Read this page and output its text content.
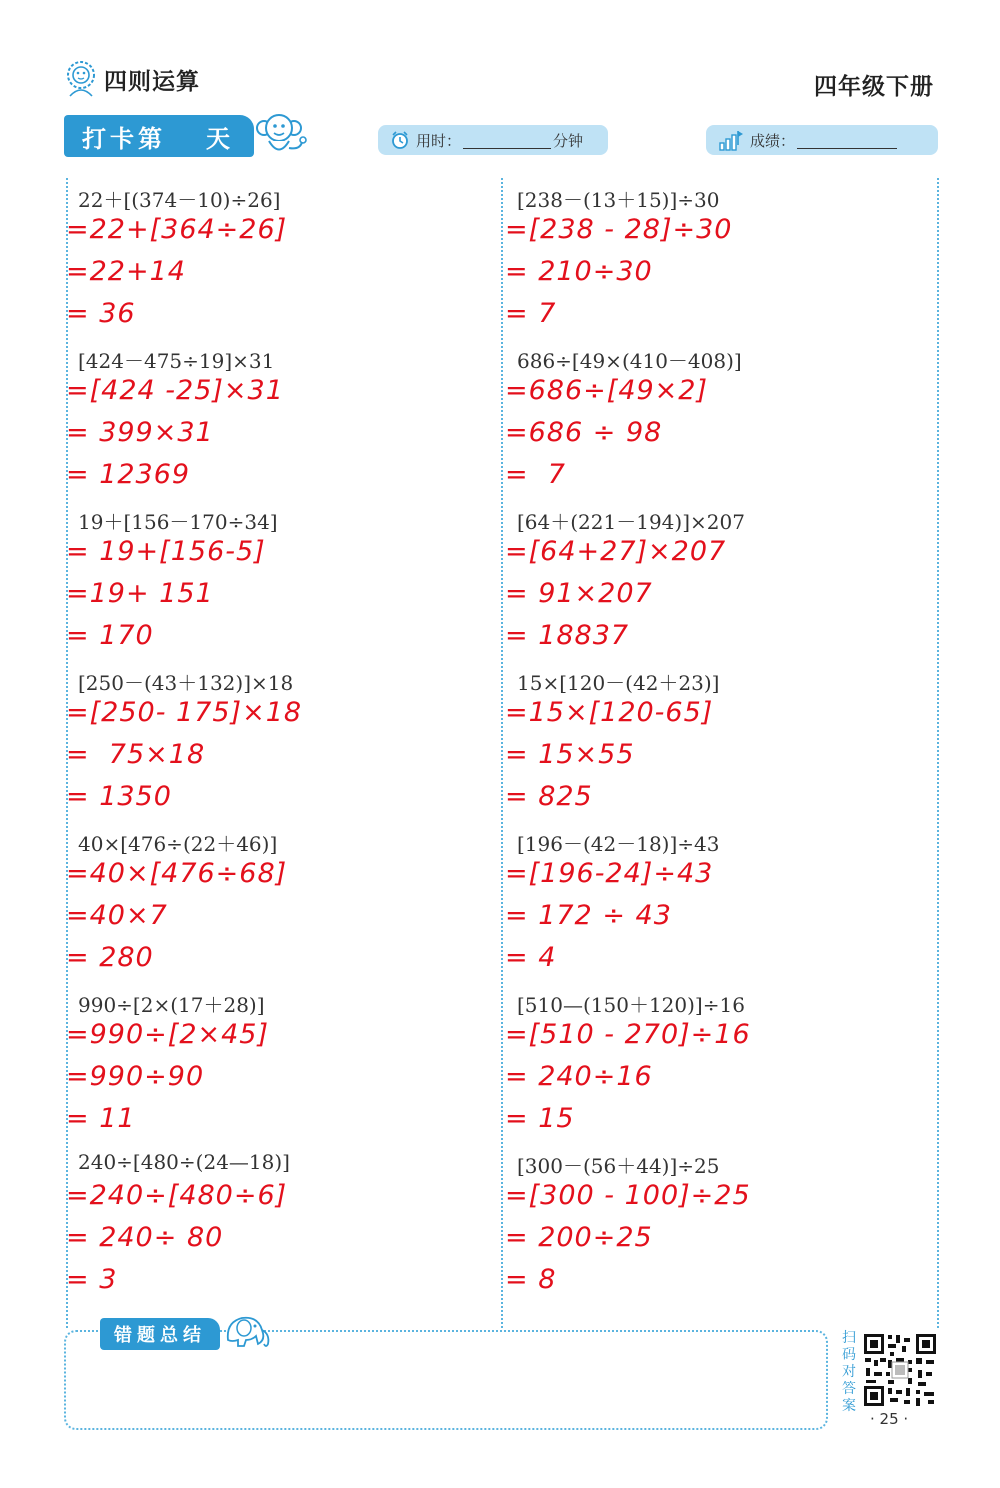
四则运算	四年级下册
打卡第 天	用时：	分钟	成绩：
22＋[(374－10)÷26]
=22+[364÷26]
=22+14
= 36
[424－475÷19]×31
=[424 -25]×31
= 399×31
= 12369
19＋[156－170÷34]
= 19+[156-5]
=19+ 151
= 170
[250－(43＋132)]×18
=[250- 175]×18
=  75×18
= 1350
40×[476÷(22＋46)]
=40×[476÷68]
=40×7
= 280
990÷[2×(17＋28)]
=990÷[2×45]
=990÷90
= 11
240÷[480÷(24—18)]
=240÷[480÷6]
= 240÷ 80
= 3
[238－(13＋15)]÷30
=[238 - 28]÷30
= 210÷30
= 7
686÷[49×(410－408)]
=686÷[49×2]
=686 ÷ 98
=  7
[64＋(221－194)]×207
=[64+27]×207
= 91×207
= 18837
15×[120－(42＋23)]
=15×[120-65]
= 15×55
= 825
[196－(42－18)]÷43
=[196-24]÷43
= 172 ÷ 43
= 4
[510—(150＋120)]÷16
=[510 - 270]÷16
= 240÷16
= 15
[300－(56＋44)]÷25
=[300 - 100]÷25
= 200÷25
= 8
错题总结	扫码对答案
· 25 ·
